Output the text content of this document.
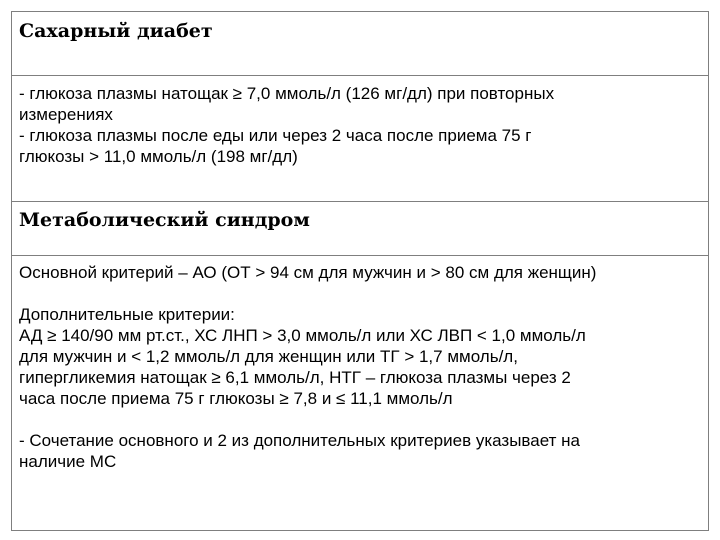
Сахарный диабет

- глюкоза плазмы натощак ≥ 7,0 ммоль/л (126 мг/дл) при повторных
измерениях
- глюкоза плазмы после еды или через 2 часа после приема 75 г
глюкозы > 11,0 ммоль/л (198 мг/дл)

Метаболический синдром

Основной критерий – АО (ОТ > 94 см для мужчин и > 80 см для женщин)
Дополнительные критерии:
АД ≥ 140/90 мм рт.ст., ХС ЛНП > 3,0 ммоль/л или ХС ЛВП < 1,0 ммоль/л
для мужчин и < 1,2 ммоль/л для женщин или ТГ > 1,7 ммоль/л,
гипергликемия натощак ≥ 6,1 ммоль/л, НТГ – глюкоза плазмы через 2
часа после приема 75 г глюкозы ≥ 7,8 и ≤ 11,1 ммоль/л
- Сочетание основного и 2 из дополнительных критериев указывает на
наличие МС
